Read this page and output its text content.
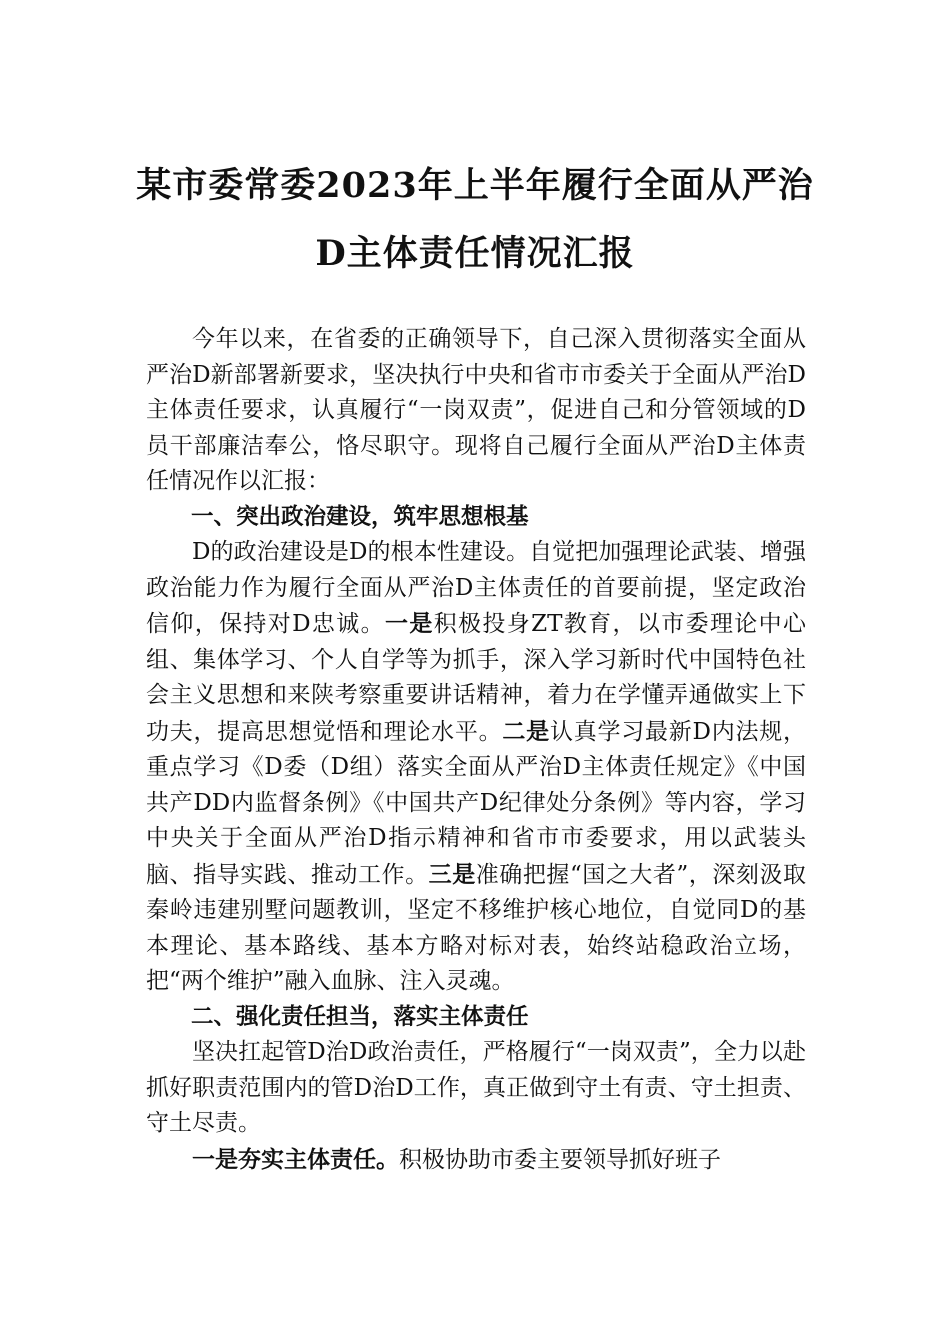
某市委常委2023年上半年履行全面从严治
D主体责任情况汇报

今年以来，在省委的正确领导下，自己深入贯彻落实全面从严治D新部署新要求，坚决执行中央和省市市委关于全面从严治D主体责任要求，认真履行“一岗双责”，促进自己和分管领域的D员干部廉洁奉公，恪尽职守。现将自己履行全面从严治D主体责任情况作以汇报：

一、突出政治建设，筑牢思想根基

D的政治建设是D的根本性建设。自觉把加强理论武装、增强政治能力作为履行全面从严治D主体责任的首要前提，坚定政治信仰，保持对D忠诚。一是积极投身ZT教育，以市委理论中心组、集体学习、个人自学等为抓手，深入学习新时代中国特色社会主义思想和来陕考察重要讲话精神，着力在学懂弄通做实上下功夫，提高思想觉悟和理论水平。二是认真学习最新D内法规，重点学习《D委（D组）落实全面从严治D主体责任规定》《中国共产DD内监督条例》《中国共产D纪律处分条例》等内容，学习中央关于全面从严治D指示精神和省市市委要求，用以武装头脑、指导实践、推动工作。三是准确把握“国之大者”，深刻汲取秦岭违建别墅问题教训，坚定不移维护核心地位，自觉同D的基本理论、基本路线、基本方略对标对表，始终站稳政治立场，把“两个维护”融入血脉、注入灵魂。

二、强化责任担当，落实主体责任

坚决扛起管D治D政治责任，严格履行“一岗双责”，全力以赴抓好职责范围内的管D治D工作，真正做到守土有责、守土担责、守土尽责。

一是夯实主体责任。积极协助市委主要领导抓好班子
